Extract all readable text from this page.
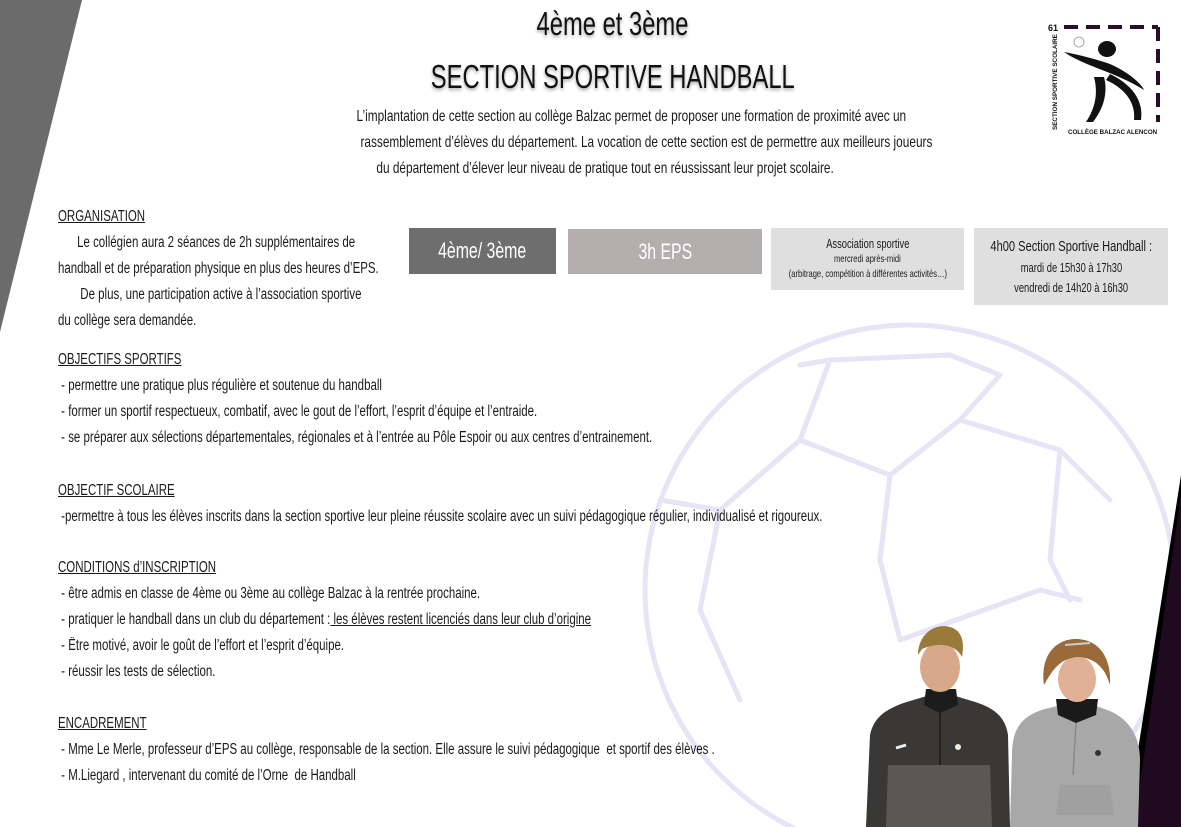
4ème et 3ème
SECTION SPORTIVE HANDBALL
L’implantation de cette section au collège Balzac permet de proposer une formation de proximité avec un
rassemblement d’élèves du département. La vocation de cette section est de permettre aux meilleurs joueurs
du département d’élever leur niveau de pratique tout en réussissant leur projet scolaire.
61
SECTION SPORTIVE SCOLAIRE
COLLÈGE BALZAC ALENCON
ORGANISATION
Le collégien aura 2 séances de 2h supplémentaires de
handball et de préparation physique en plus des heures d’EPS.
De plus, une participation active à l’association sportive
du collège sera demandée.
4ème/ 3ème	3h EPS	Association sportive
mercredi après-midi
(arbitrage, compétition à différentes activités…)
4h00 Section Sportive Handball :
mardi de 15h30 à 17h30
vendredi de 14h20 à 16h30
OBJECTIFS SPORTIFS
- permettre une pratique plus régulière et soutenue du handball
- former un sportif respectueux, combatif, avec le gout de l’effort, l’esprit d’équipe et l’entraide.
- se préparer aux sélections départementales, régionales et à l’entrée au Pôle Espoir ou aux centres d’entrainement.
OBJECTIF SCOLAIRE
-permettre à tous les élèves inscrits dans la section sportive leur pleine réussite scolaire avec un suivi pédagogique régulier, individualisé et rigoureux.
CONDITIONS d’INSCRIPTION
- être admis en classe de 4ème ou 3ème au collège Balzac à la rentrée prochaine.
- pratiquer le handball dans un club du département : les élèves restent licenciés dans leur club d’origine
- Être motivé, avoir le goût de l’effort et l’esprit d’équipe.
- réussir les tests de sélection.
ENCADREMENT
- Mme Le Merle, professeur d’EPS au collège, responsable de la section. Elle assure le suivi pédagogique  et sportif des élèves .
- M.Liegard , intervenant du comité de l’Orne  de Handball
